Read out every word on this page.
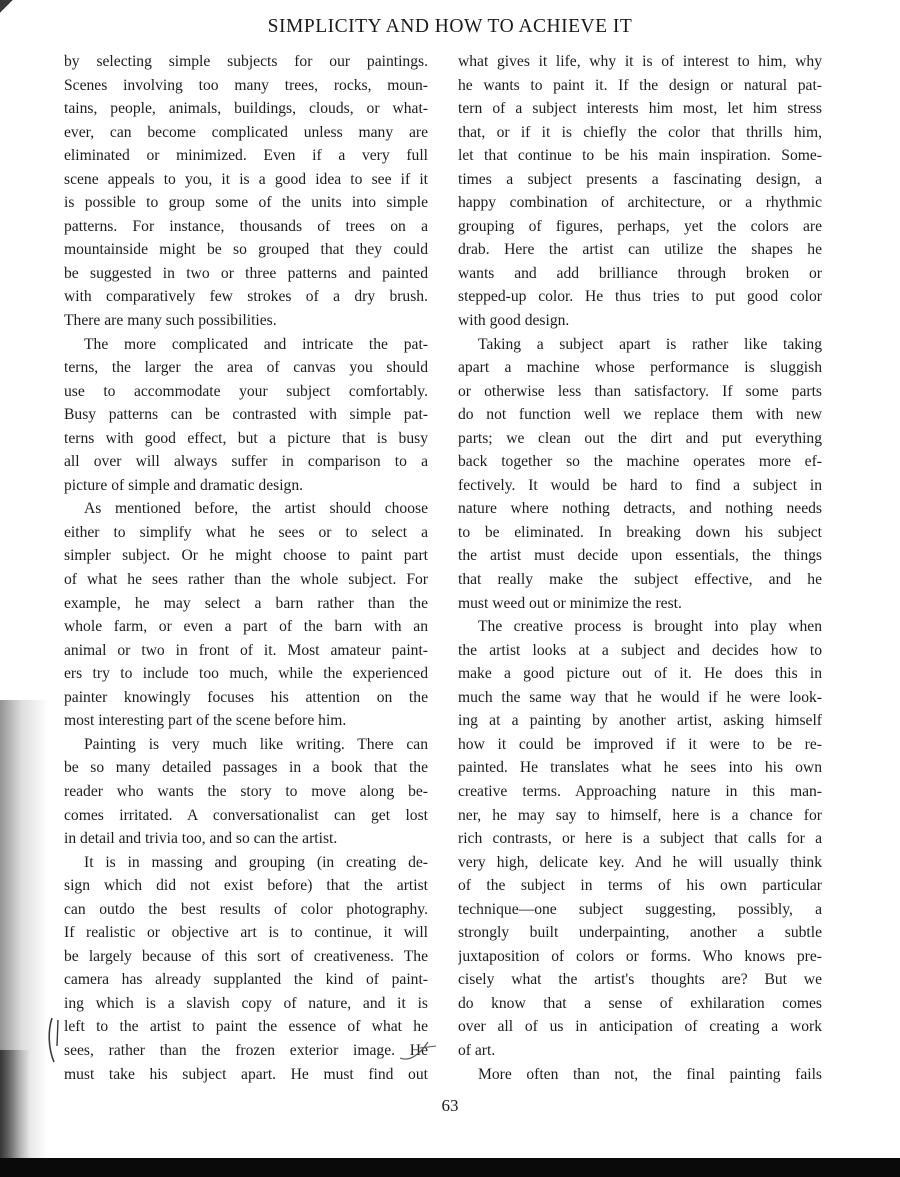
SIMPLICITY AND HOW TO ACHIEVE IT
by selecting simple subjects for our paintings.
Scenes involving too many trees, rocks, moun-
tains, people, animals, buildings, clouds, or what-
ever, can become complicated unless many are
eliminated or minimized. Even if a very full
scene appeals to you, it is a good idea to see if it
is possible to group some of the units into simple
patterns. For instance, thousands of trees on a
mountainside might be so grouped that they could
be suggested in two or three patterns and painted
with comparatively few strokes of a dry brush.
There are many such possibilities.
The more complicated and intricate the pat-
terns, the larger the area of canvas you should
use to accommodate your subject comfortably.
Busy patterns can be contrasted with simple pat-
terns with good effect, but a picture that is busy
all over will always suffer in comparison to a
picture of simple and dramatic design.
As mentioned before, the artist should choose
either to simplify what he sees or to select a
simpler subject. Or he might choose to paint part
of what he sees rather than the whole subject. For
example, he may select a barn rather than the
whole farm, or even a part of the barn with an
animal or two in front of it. Most amateur paint-
ers try to include too much, while the experienced
painter knowingly focuses his attention on the
most interesting part of the scene before him.
Painting is very much like writing. There can
be so many detailed passages in a book that the
reader who wants the story to move along be-
comes irritated. A conversationalist can get lost
in detail and trivia too, and so can the artist.
It is in massing and grouping (in creating de-
sign which did not exist before) that the artist
can outdo the best results of color photography.
If realistic or objective art is to continue, it will
be largely because of this sort of creativeness. The
camera has already supplanted the kind of paint-
ing which is a slavish copy of nature, and it is
left to the artist to paint the essence of what he
sees, rather than the frozen exterior image. He
must take his subject apart. He must find out
what gives it life, why it is of interest to him, why
he wants to paint it. If the design or natural pat-
tern of a subject interests him most, let him stress
that, or if it is chiefly the color that thrills him,
let that continue to be his main inspiration. Some-
times a subject presents a fascinating design, a
happy combination of architecture, or a rhythmic
grouping of figures, perhaps, yet the colors are
drab. Here the artist can utilize the shapes he
wants and add brilliance through broken or
stepped-up color. He thus tries to put good color
with good design.
Taking a subject apart is rather like taking
apart a machine whose performance is sluggish
or otherwise less than satisfactory. If some parts
do not function well we replace them with new
parts; we clean out the dirt and put everything
back together so the machine operates more ef-
fectively. It would be hard to find a subject in
nature where nothing detracts, and nothing needs
to be eliminated. In breaking down his subject
the artist must decide upon essentials, the things
that really make the subject effective, and he
must weed out or minimize the rest.
The creative process is brought into play when
the artist looks at a subject and decides how to
make a good picture out of it. He does this in
much the same way that he would if he were look-
ing at a painting by another artist, asking himself
how it could be improved if it were to be re-
painted. He translates what he sees into his own
creative terms. Approaching nature in this man-
ner, he may say to himself, here is a chance for
rich contrasts, or here is a subject that calls for a
very high, delicate key. And he will usually think
of the subject in terms of his own particular
technique—one subject suggesting, possibly, a
strongly built underpainting, another a subtle
juxtaposition of colors or forms. Who knows pre-
cisely what the artist's thoughts are? But we
do know that a sense of exhilaration comes
over all of us in anticipation of creating a work
of art.
More often than not, the final painting fails
63
